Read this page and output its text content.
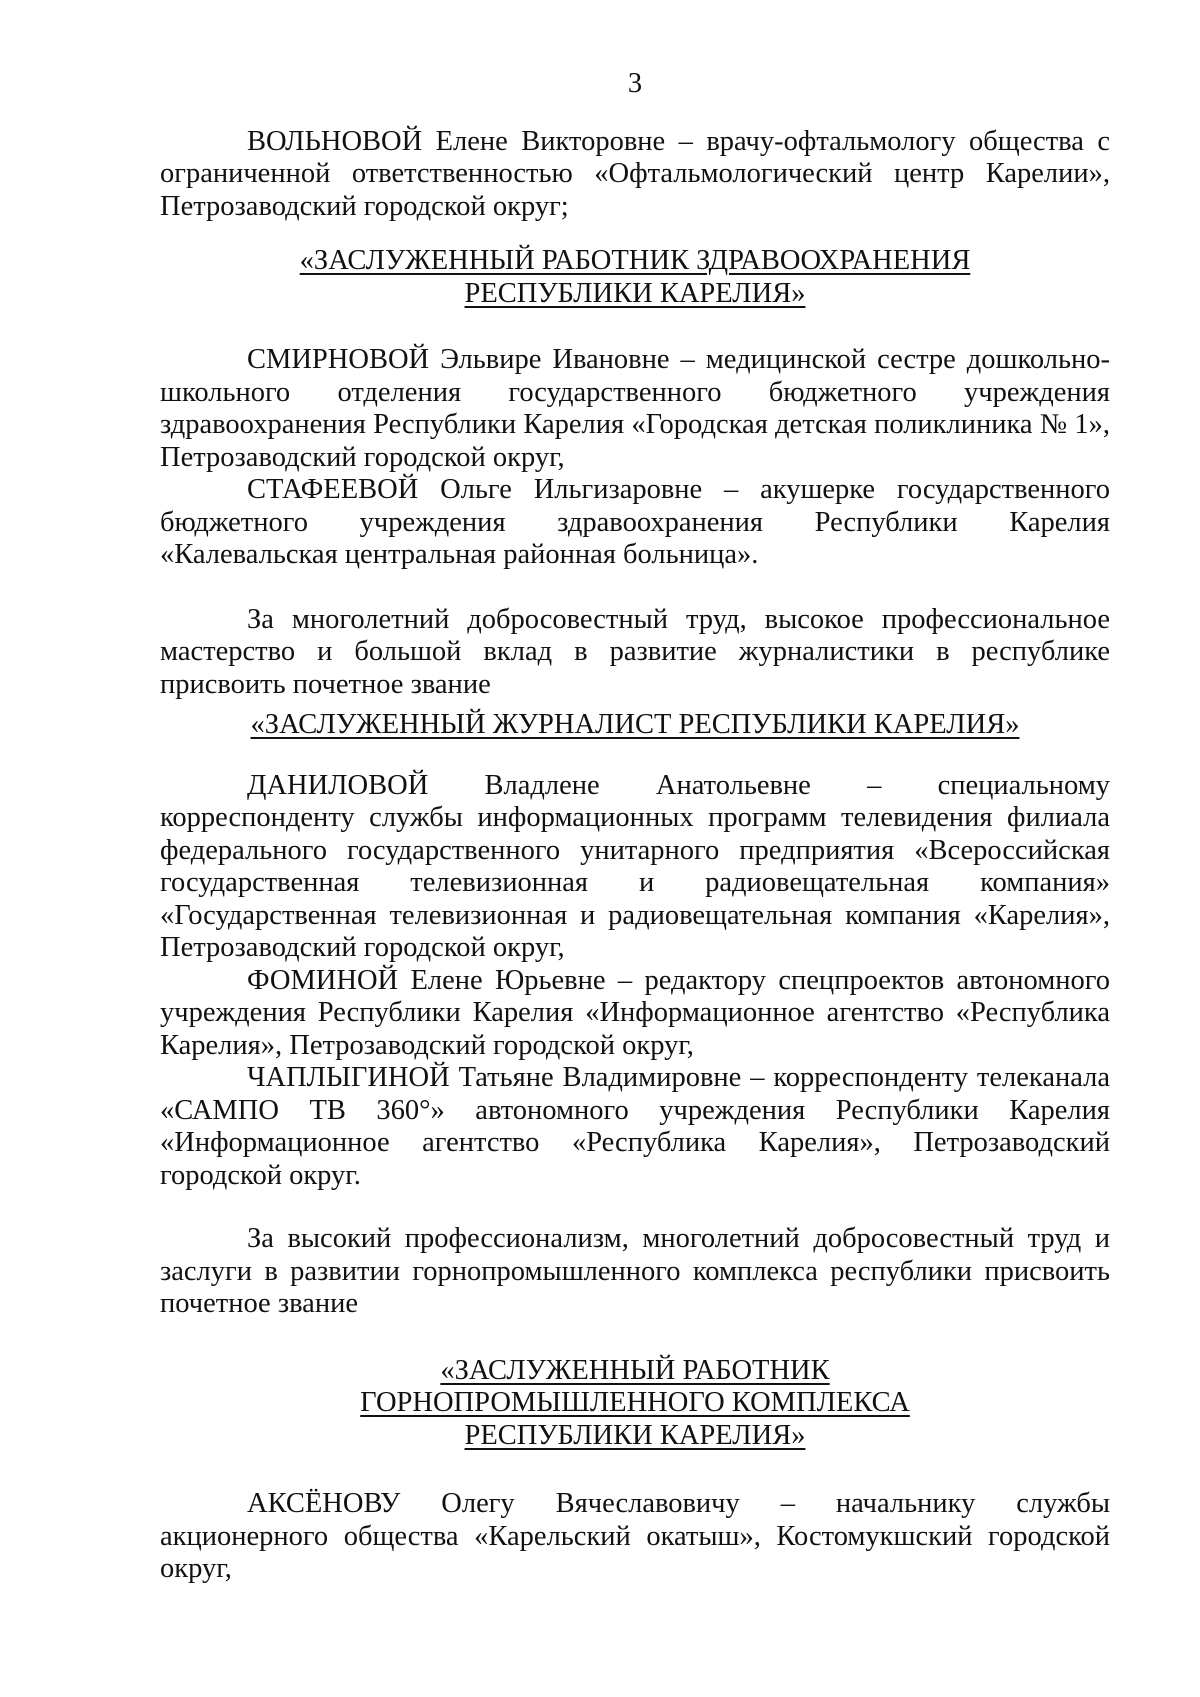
3

ВОЛЬНОВОЙ Елене Викторовне – врачу-офтальмологу общества с ограниченной ответственностью «Офтальмологический центр Карелии», Петрозаводский городской округ;

«ЗАСЛУЖЕННЫЙ РАБОТНИК ЗДРАВООХРАНЕНИЯ
РЕСПУБЛИКИ КАРЕЛИЯ»

СМИРНОВОЙ Эльвире Ивановне – медицинской сестре дошкольно-школьного отделения государственного бюджетного учреждения здравоохранения Республики Карелия «Городская детская поликлиника № 1», Петрозаводский городской округ,

СТАФЕЕВОЙ Ольге Ильгизаровне – акушерке государственного бюджетного учреждения здравоохранения Республики Карелия «Калевальская центральная районная больница».

За многолетний добросовестный труд, высокое профессиональное мастерство и большой вклад в развитие журналистики в республике присвоить почетное звание

«ЗАСЛУЖЕННЫЙ ЖУРНАЛИСТ РЕСПУБЛИКИ КАРЕЛИЯ»

ДАНИЛОВОЙ Владлене Анатольевне – специальному корреспонденту службы информационных программ телевидения филиала федерального государственного унитарного предприятия «Всероссийская государственная телевизионная и радиовещательная компания» «Государственная телевизионная и радиовещательная компания «Карелия», Петрозаводский городской округ,

ФОМИНОЙ Елене Юрьевне – редактору спецпроектов автономного учреждения Республики Карелия «Информационное агентство «Республика Карелия», Петрозаводский городской округ,

ЧАПЛЫГИНОЙ Татьяне Владимировне – корреспонденту телеканала «САМПО ТВ 360°» автономного учреждения Республики Карелия «Информационное агентство «Республика Карелия», Петрозаводский городской округ.

За высокий профессионализм, многолетний добросовестный труд и заслуги в развитии горнопромышленного комплекса республики присвоить почетное звание

«ЗАСЛУЖЕННЫЙ РАБОТНИК
ГОРНОПРОМЫШЛЕННОГО КОМПЛЕКСА
РЕСПУБЛИКИ КАРЕЛИЯ»

АКСЁНОВУ Олегу Вячеславовичу – начальнику службы акционерного общества «Карельский окатыш», Костомукшский городской округ,
